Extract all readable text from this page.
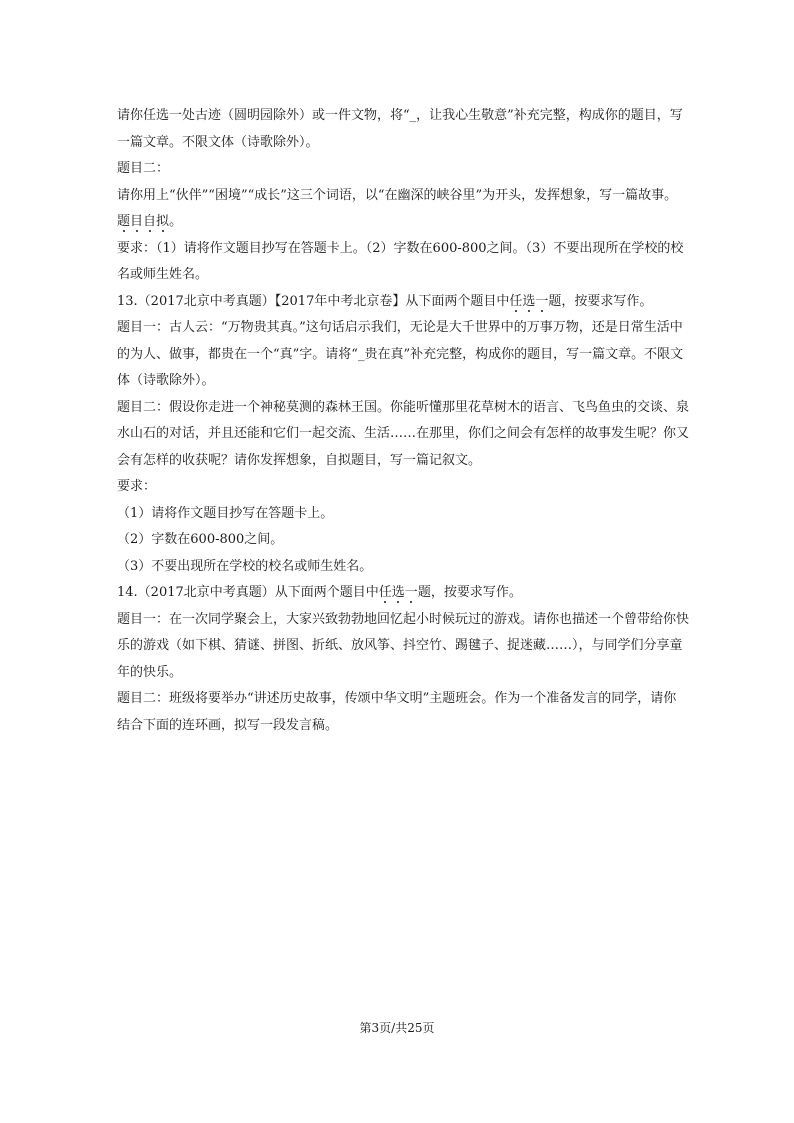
请你任选一处古迹（圆明园除外）或一件文物，将“_，让我心生敬意”补充完整，构成你的题目，写一篇文章。不限文体（诗歌除外）。

题目二：

请你用上“伙伴”“困境”“成长”这三个词语，以“在幽深的峡谷里”为开头，发挥想象，写一篇故事。题目自拟。

要求：（1）请将作文题目抄写在答题卡上。（2）字数在600-800之间。（3）不要出现所在学校的校名或师生姓名。

13.（2017北京中考真题）【2017年中考北京卷】从下面两个题目中任选一题，按要求写作。

题目一：古人云：“万物贵其真。”这句话启示我们，无论是大千世界中的万事万物，还是日常生活中的为人、做事，都贵在一个“真”字。请将“_贵在真”补充完整，构成你的题目，写一篇文章。不限文体（诗歌除外）。

题目二：假设你走进一个神秘莫测的森林王国。你能听懂那里花草树木的语言、飞鸟鱼虫的交谈、泉水山石的对话，并且还能和它们一起交流、生活……在那里，你们之间会有怎样的故事发生呢？你又会有怎样的收获呢？请你发挥想象，自拟题目，写一篇记叙文。

要求：

（1）请将作文题目抄写在答题卡上。

（2）字数在600-800之间。

（3）不要出现所在学校的校名或师生姓名。

14.（2017北京中考真题）从下面两个题目中任选一题，按要求写作。

题目一：在一次同学聚会上，大家兴致勃勃地回忆起小时候玩过的游戏。请你也描述一个曾带给你快乐的游戏（如下棋、猜谜、拼图、折纸、放风筝、抖空竹、踢毽子、捉迷藏……），与同学们分享童年的快乐。

题目二：班级将要举办“讲述历史故事，传颂中华文明”主题班会。作为一个准备发言的同学，请你结合下面的连环画，拟写一段发言稿。

第3页/共25页
